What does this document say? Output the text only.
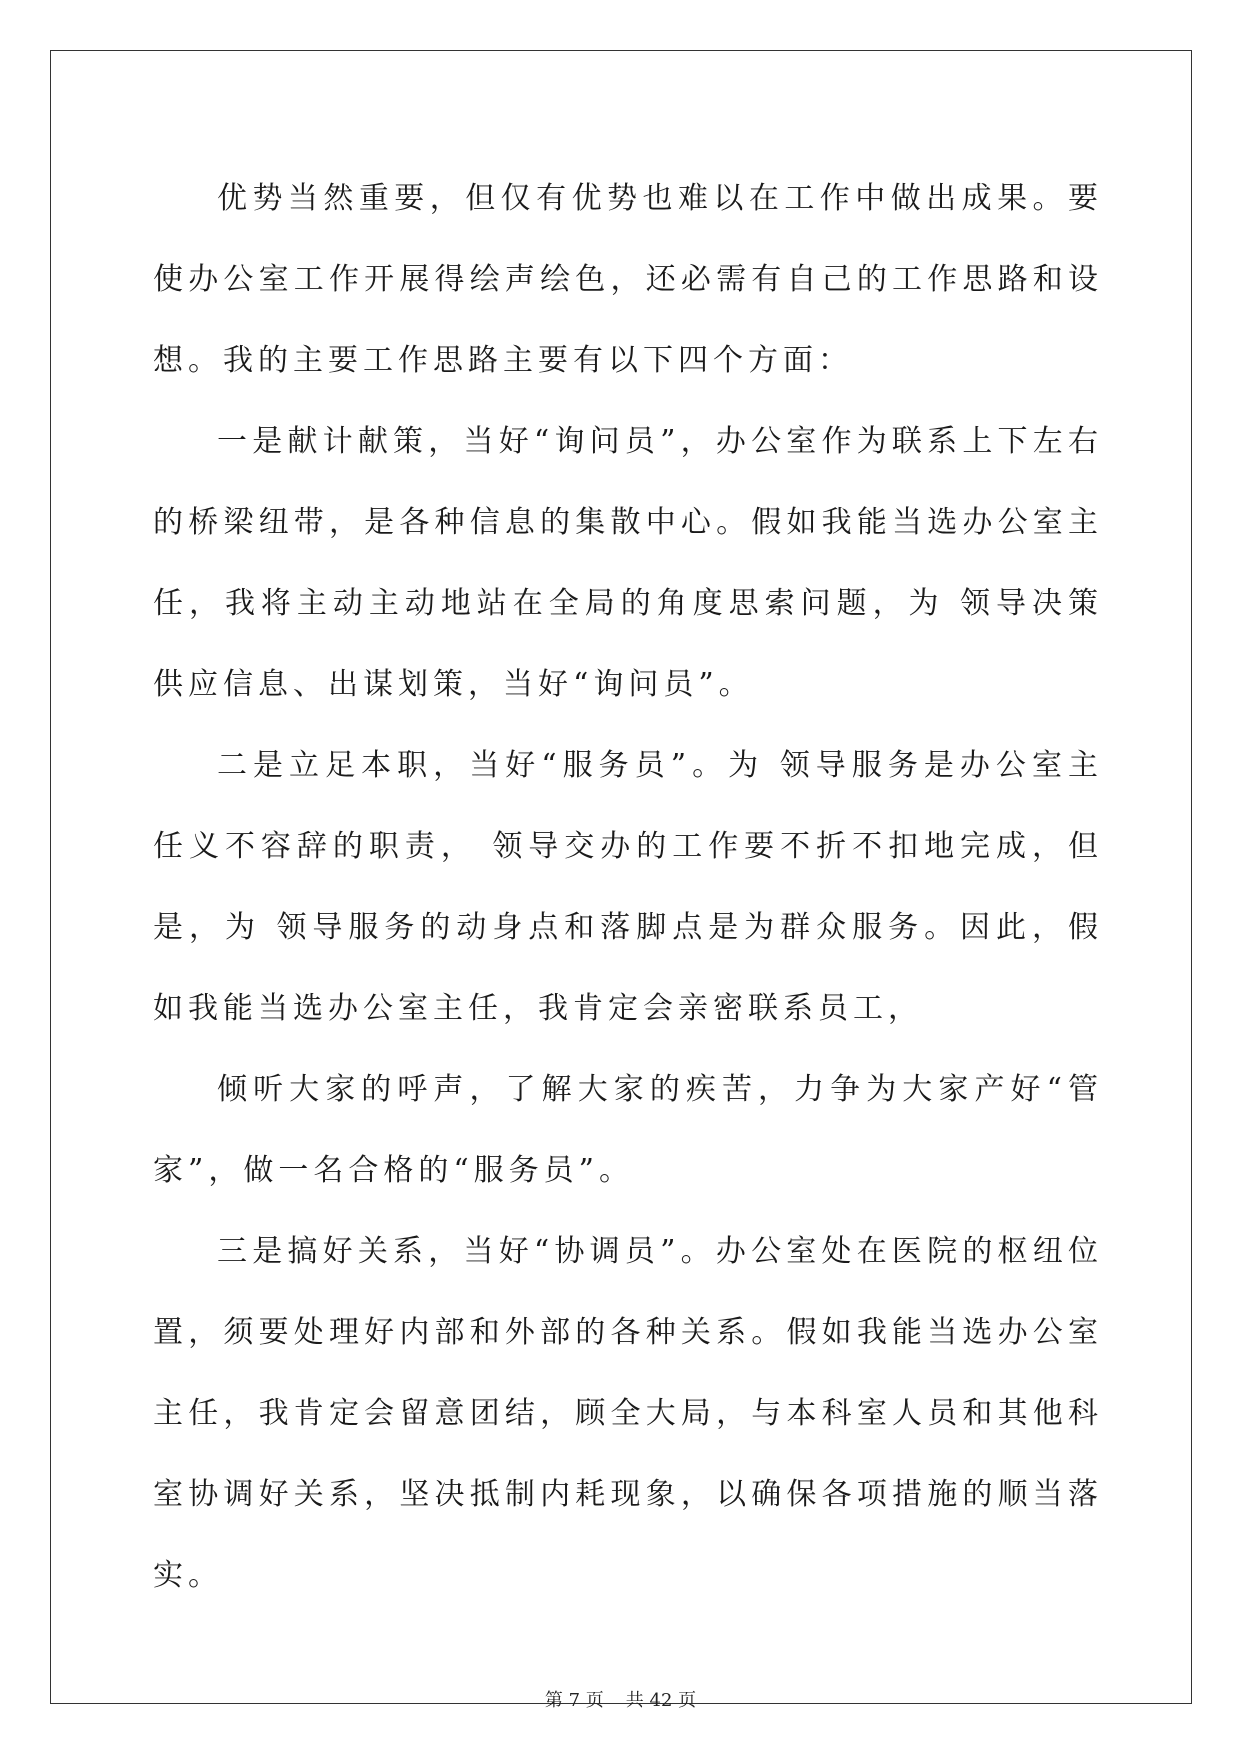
优势当然重要，但仅有优势也难以在工作中做出成果。要使办公室工作开展得绘声绘色，还必需有自己的工作思路和设想。我的主要工作思路主要有以下四个方面：

一是献计献策，当好“询问员”，办公室作为联系上下左右的桥梁纽带，是各种信息的集散中心。假如我能当选办公室主任，我将主动主动地站在全局的角度思索问题，为 领导决策供应信息、出谋划策，当好“询问员”。

二是立足本职，当好“服务员”。为 领导服务是办公室主任义不容辞的职责， 领导交办的工作要不折不扣地完成，但是，为 领导服务的动身点和落脚点是为群众服务。因此，假如我能当选办公室主任，我肯定会亲密联系员工，

倾听大家的呼声，了解大家的疾苦，力争为大家产好“管家”，做一名合格的“服务员”。

三是搞好关系，当好“协调员”。办公室处在医院的枢纽位置，须要处理好内部和外部的各种关系。假如我能当选办公室主任，我肯定会留意团结，顾全大局，与本科室人员和其他科室协调好关系，坚决抵制内耗现象，以确保各项措施的顺当落实。

第 7 页 共 42 页
